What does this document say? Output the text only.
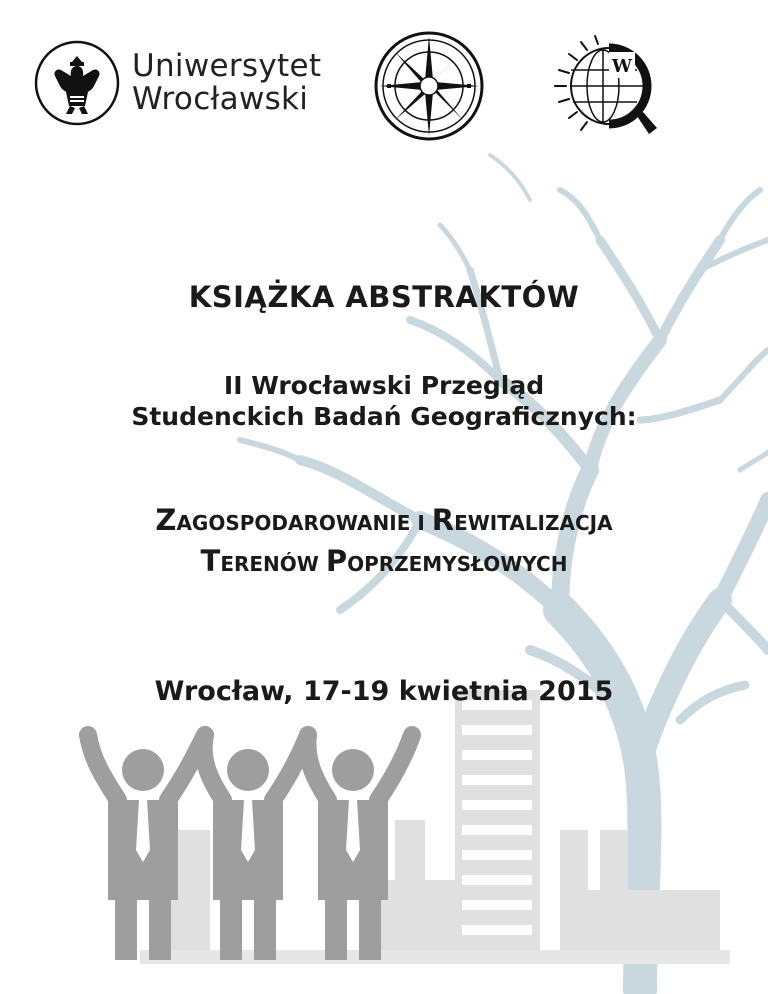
Uniwersytet
Wrocławski
W
KSIĄŻKA ABSTRAKTÓW
II Wrocławski Przegląd
Studenckich Badań Geograficznych:
ZAGOSPODAROWANIE I REWITALIZACJA
TERENÓW POPRZEMYSŁOWYCH
Wrocław, 17-19 kwietnia 2015
